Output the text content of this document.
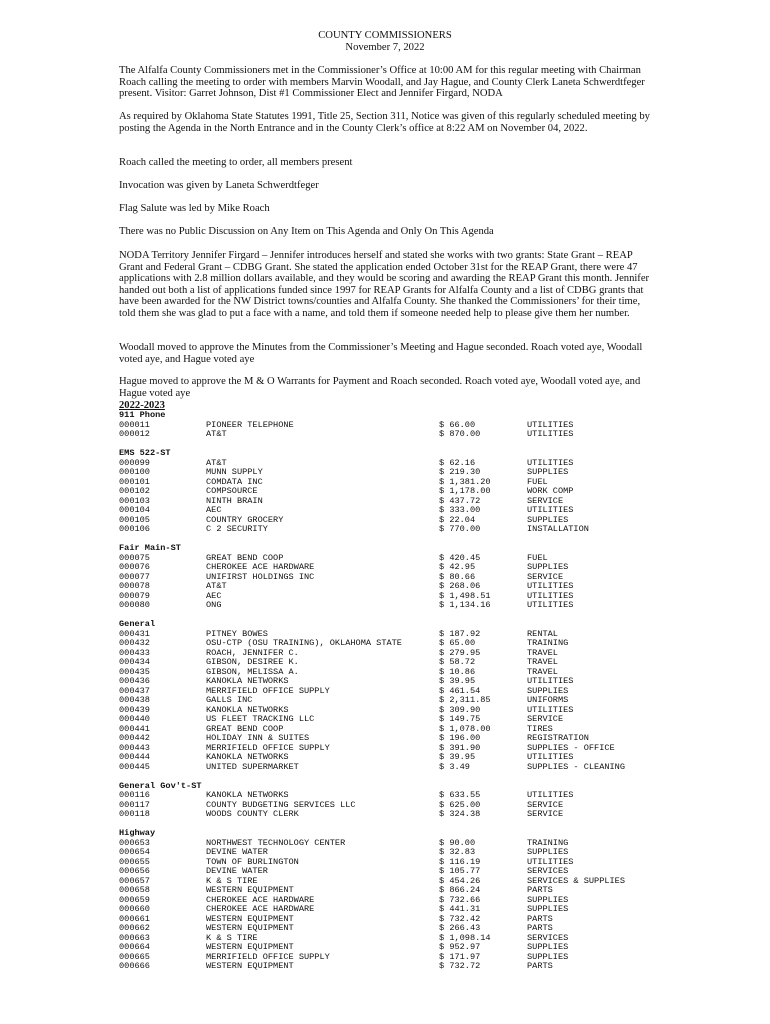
COUNTY COMMISSIONERS
November 7, 2022

The Alfalfa County Commissioners met in the Commissioner’s Office at 10:00 AM for this regular meeting with Chairman Roach calling the meeting to order with members Marvin Woodall, and Jay Hague, and County Clerk Laneta Schwerdtfeger present. Visitor: Garret Johnson, Dist #1 Commissioner Elect and Jennifer Firgard, NODA

As required by Oklahoma State Statutes 1991, Title 25, Section 311, Notice was given of this regularly scheduled meeting by posting the Agenda in the North Entrance and in the County Clerk’s office at 8:22 AM on November 04, 2022.

Roach called the meeting to order, all members present

Invocation was given by Laneta Schwerdtfeger

Flag Salute was led by Mike Roach

There was no Public Discussion on Any Item on This Agenda and Only On This Agenda

NODA Territory Jennifer Firgard – Jennifer introduces herself and stated she works with two grants: State Grant – REAP Grant and Federal Grant – CDBG Grant. She stated the application ended October 31st for the REAP Grant, there were 47 applications with 2.8 million dollars available, and they would be scoring and awarding the REAP Grant this month. Jennifer handed out both a list of applications funded since 1997 for REAP Grants for Alfalfa County and a list of CDBG grants that have been awarded for the NW District towns/counties and Alfalfa County. She thanked the Commissioners’ for their time, told them she was glad to put a face with a name, and told them if someone needed help to please give them her number.

Woodall moved to approve the Minutes from the Commissioner’s Meeting and Hague seconded. Roach voted aye, Woodall voted aye, and Hague voted aye

Hague moved to approve the M & O Warrants for Payment and Roach seconded. Roach voted aye, Woodall voted aye, and Hague voted aye

2022-2023
911 Phone
000011	PIONEER TELEPHONE	$ 66.00	UTILITIES
000012	AT&T	$ 870.00	UTILITIES
EMS 522-ST
000099	AT&T	$ 62.16	UTILITIES
000100	MUNN SUPPLY	$ 219.30	SUPPLIES
000101	COMDATA INC	$ 1,381.20	FUEL
000102	COMPSOURCE	$ 1,178.00	WORK COMP
000103	NINTH BRAIN	$ 437.72	SERVICE
000104	AEC	$ 333.00	UTILITIES
000105	COUNTRY GROCERY	$ 22.04	SUPPLIES
000106	C 2 SECURITY	$ 770.00	INSTALLATION
Fair Main-ST
000075	GREAT BEND COOP	$ 420.45	FUEL
000076	CHEROKEE ACE HARDWARE	$ 42.95	SUPPLIES
000077	UNIFIRST HOLDINGS INC	$ 80.66	SERVICE
000078	AT&T	$ 268.06	UTILITIES
000079	AEC	$ 1,498.51	UTILITIES
000080	ONG	$ 1,134.16	UTILITIES
General
000431	PITNEY BOWES	$ 187.92	RENTAL
000432	OSU-CTP (OSU TRAINING), OKLAHOMA STATE	$ 65.00	TRAINING
000433	ROACH, JENNIFER C.	$ 279.95	TRAVEL
000434	GIBSON, DESIREE K.	$ 58.72	TRAVEL
000435	GIBSON, MELISSA A.	$ 10.86	TRAVEL
000436	KANOKLA NETWORKS	$ 39.95	UTILITIES
000437	MERRIFIELD OFFICE SUPPLY	$ 461.54	SUPPLIES
000438	GALLS INC	$ 2,311.85	UNIFORMS
000439	KANOKLA NETWORKS	$ 309.90	UTILITIES
000440	US FLEET TRACKING LLC	$ 149.75	SERVICE
000441	GREAT BEND COOP	$ 1,078.00	TIRES
000442	HOLIDAY INN & SUITES	$ 196.00	REGISTRATION
000443	MERRIFIELD OFFICE SUPPLY	$ 391.90	SUPPLIES - OFFICE
000444	KANOKLA NETWORKS	$ 39.95	UTILITIES
000445	UNITED SUPERMARKET	$ 3.49	SUPPLIES - CLEANING
General Gov't-ST
000116	KANOKLA NETWORKS	$ 633.55	UTILITIES
000117	COUNTY BUDGETING SERVICES LLC	$ 625.00	SERVICE
000118	WOODS COUNTY CLERK	$ 324.38	SERVICE
Highway
000653	NORTHWEST TECHNOLOGY CENTER	$ 90.00	TRAINING
000654	DEVINE WATER	$ 32.83	SUPPLIES
000655	TOWN OF BURLINGTON	$ 116.19	UTILITIES
000656	DEVINE WATER	$ 105.77	SERVICES
000657	K & S TIRE	$ 454.26	SERVICES & SUPPLIES
000658	WESTERN EQUIPMENT	$ 866.24	PARTS
000659	CHEROKEE ACE HARDWARE	$ 732.66	SUPPLIES
000660	CHEROKEE ACE HARDWARE	$ 441.31	SUPPLIES
000661	WESTERN EQUIPMENT	$ 732.42	PARTS
000662	WESTERN EQUIPMENT	$ 266.43	PARTS
000663	K & S TIRE	$ 1,098.14	SERVICES
000664	WESTERN EQUIPMENT	$ 952.97	SUPPLIES
000665	MERRIFIELD OFFICE SUPPLY	$ 171.97	SUPPLIES
000666	WESTERN EQUIPMENT	$ 732.72	PARTS
